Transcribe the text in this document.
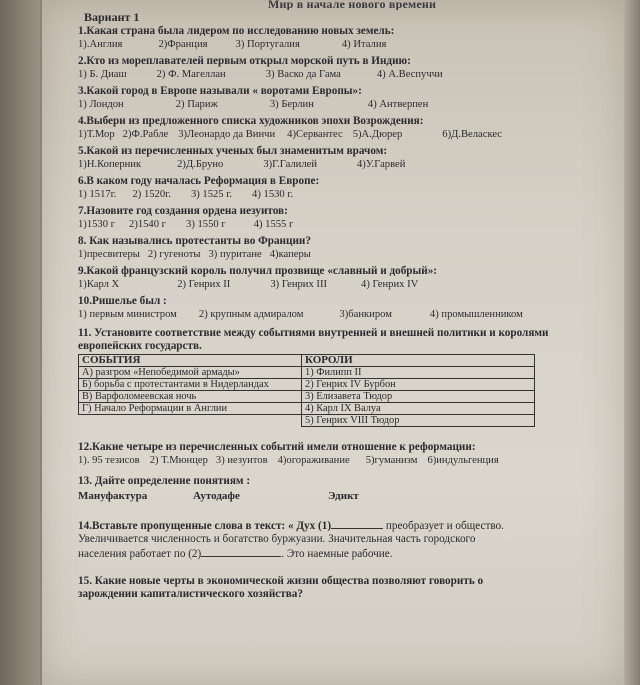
Мир в начале нового времени
Вариант 1
1.Какая страна была лидером по исследованию новых земель:
1).Англия	2)Франция	3) Португалия	4) Италия
2.Кто из мореплавателей первым открыл морской путь в Индию:
1) Б. Диаш	2) Ф. Магеллан	3) Васко да Гама	4) А.Веспуччи
3.Какой город в Европе называли « воротами Европы»:
1) Лондон	2) Париж	3) Берлин	4) Антверпен
4.Выбери из предложенного списка художников эпохи Возрождения:
1)Т.Мор 2)Ф.Рабле 3)Леонардо да Винчи 4)Сервантес 5)А.Дюрер	6)Д.Веласкес
5.Какой из перечисленных ученых был знаменитым врачом:
1)Н.Коперник	2)Д.Бруно	3)Г.Галилей	4)У.Гарвей
6.В каком году началась Реформация в Европе:
1) 1517г. 2) 1520г. 3) 1525 г. 4) 1530 г.
7.Назовите год создания ордена иезуитов:
1)1530 г 2)1540 г 3) 1550 г	4) 1555 г
8. Как назывались протестанты во Франции?
1)пресвитеры 2) гугеноты 3) пуритане 4)каперы
9.Какой французский король получил прозвище «славный и добрый»:
1)Карл X	2) Генрих II	3) Генрих III	4) Генрих IV
10.Ришелье был :
1) первым министром 2) крупным адмиралом	3)банкиром	4) промышленником
11. Установите соответствие между событиями внутренней и внешней политики и королями европейских государств.
СОБЫТИЯ	КОРОЛИ
А) разгром «Непобедимой армады»	1) Филипп II
Б) борьба с протестантами в Нидерландах	2) Генрих IV Бурбон
В) Варфоломеевская ночь	3) Елизавета Тюдор
Г) Начало Реформации в Англии	4) Карл IX Валуа
	5) Генрих VIII Тюдор
12.Какие четыре из перечисленных событий имели отношение к реформации:
1). 95 тезисов 2) Т.Мюнцер 3) иезуитов 4)огораживание 5)гуманизм 6)индульгенция
13. Дайте определение понятиям :
Мануфактура	Аутодафе	Эдикт
14.Вставьте пропущенные слова в текст: « Дух (1)	преобразует и общество.
Увеличивается численность и богатство буржуазии. Значительная часть городского
населения работает по (2)	. Это наемные рабочие.
15. Какие новые черты в экономической жизни общества позволяют говорить о
зарождении капиталистического хозяйства?
